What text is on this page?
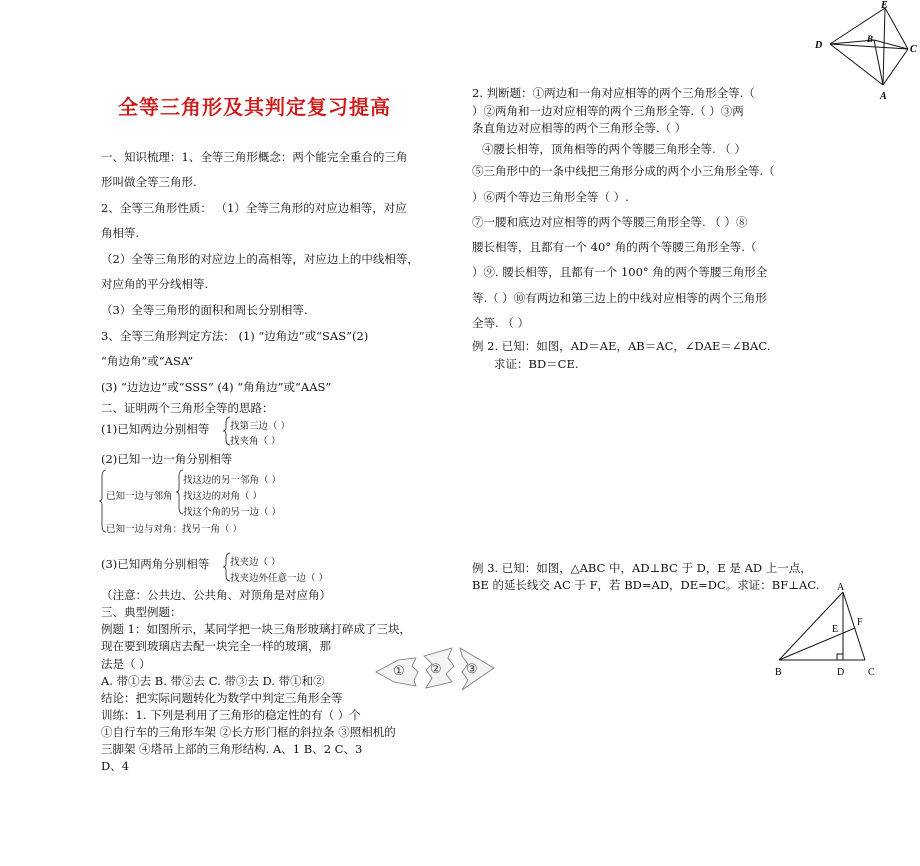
全等三角形及其判定复习提高
一、知识梳理：1、全等三角形概念：两个能完全重合的三角
形叫做全等三角形.
2、全等三角形性质： （1）全等三角形的对应边相等，对应
角相等.
（2）全等三角形的对应边上的高相等，对应边上的中线相等，
对应角的平分线相等.
（3）全等三角形的面积和周长分别相等.
3、全等三角形判定方法： (1) “边角边”或“SAS”(2)
“角边角”或“ASA”
(3) “边边边”或“SSS” (4) “角角边”或“AAS”
二、证明两个三角形全等的思路：
(1)已知两边分别相等 找第三边（ ）
找夹角（ ）
(2)已知一边一角分别相等
已知一边与邻角
找这边的另一邻角（ ）
找这边的对角（ ）
找这个角的另一边（ ）
已知一边与对角：找另一角（ ）
(3)已知两角分别相等 找夹边（ ）
找夹边外任意一边（ ）
（注意：公共边、公共角、对顶角是对应角）
三、典型例题：
例题 1：如图所示，某同学把一块三角形玻璃打碎成了三块，
现在要到玻璃店去配一块完全一样的玻璃，那
法是（ ）
A. 带①去 B. 带②去 C. 带③去 D. 带①和②
结论：把实际问题转化为数学中判定三角形全等
训练：1. 下列是利用了三角形的稳定性的有（ ）个
①自行车的三角形车架 ②长方形门框的斜拉条 ③照相机的
三脚架 ④塔吊上部的三角形结构. A、1 B、2 C、3
D、4
① ② ③
2. 判断题：①两边和一角对应相等的两个三角形全等.（
）②两角和一边对应相等的两个三角形全等.（ ）③两
条直角边对应相等的两个三角形全等.（ ）
④腰长相等，顶角相等的两个等腰三角形全等. （ ）
⑤三角形中的一条中线把三角形分成的两个小三角形全等.（
）⑥两个等边三角形全等（ ）.
⑦一腰和底边对应相等的两个等腰三角形全等. （ ）⑧
腰长相等，且都有一个 40° 角的两个等腰三角形全等.（
）⑨. 腰长相等，且都有一个 100° 角的两个等腰三角形全
等.（ ）⑩有两边和第三边上的中线对应相等的两个三角形
全等. （ ）
例 2. 已知：如图，AD＝AE，AB＝AC，∠DAE＝∠BAC.
求证：BD＝CE.
例 3. 已知：如图，△ABC 中，AD⊥BC 于 D，E 是 AD 上一点，
BE 的延长线交 AC 于 F，若 BD=AD，DE=DC。求证：BF⊥AC.
E
B
C
D
A
A
B	D C
E
F
